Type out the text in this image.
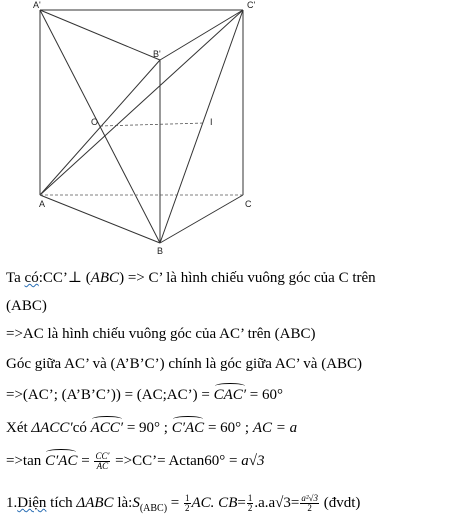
A'	C'
B'
O	I
A	C
B
Ta có:CC’⊥ (ABC) => C’ là hình chiếu vuông góc của C trên
(ABC)
=>AC là hình chiếu vuông góc của AC’ trên (ABC)
Góc giữa AC’ và (A’B’C’) chính là góc giữa AC’ và (ABC)
=>(AC’; (A’B’C’)) = (AC;AC’) = CAC′ = 60°
Xét ΔACC′có ACC′ = 90° ; C′AC = 60° ; AC = a
=>tan $C'AC = \frac{CC'}{AC}$ =>CC’= Actan60° = a√3
1.Diện tích ΔABC $là:S_{(ABC)} = \frac{1}{2}$ AC. $CB= \frac{1}{2} .a.a√3= \frac{\text{a²√3}}{2}$ (đvdt)
